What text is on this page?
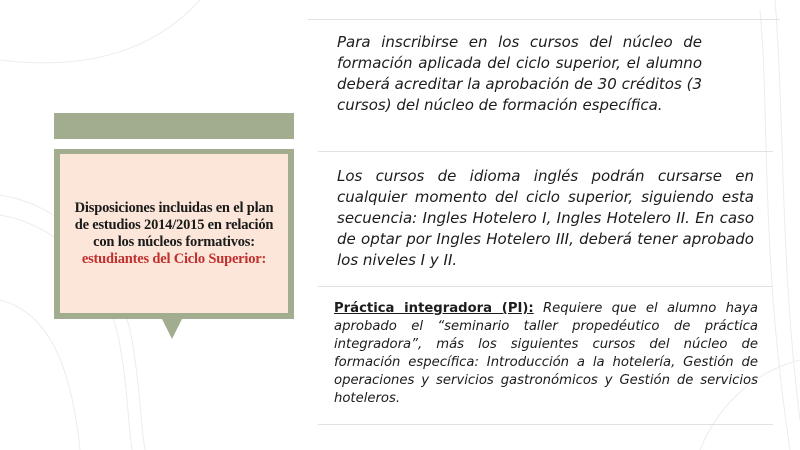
Disposiciones incluidas en el plan de estudios 2014/2015 en relación con los núcleos formativos: estudiantes del Ciclo Superior:
Para inscribirse en los cursos del núcleo de formación aplicada del ciclo superior, el alumno deberá acreditar la aprobación de 30 créditos (3 cursos) del núcleo de formación específica.
Los cursos de idioma inglés podrán cursarse en cualquier momento del ciclo superior, siguiendo esta secuencia: Ingles Hotelero I, Ingles Hotelero II. En caso de optar por Ingles Hotelero III, deberá tener aprobado los niveles I y II.
Práctica integradora (PI): Requiere que el alumno haya aprobado el “seminario taller propedéutico de práctica integradora”, más los siguientes cursos del núcleo de formación específica: Introducción a la hotelería, Gestión de operaciones y servicios gastronómicos y Gestión de servicios hoteleros.
